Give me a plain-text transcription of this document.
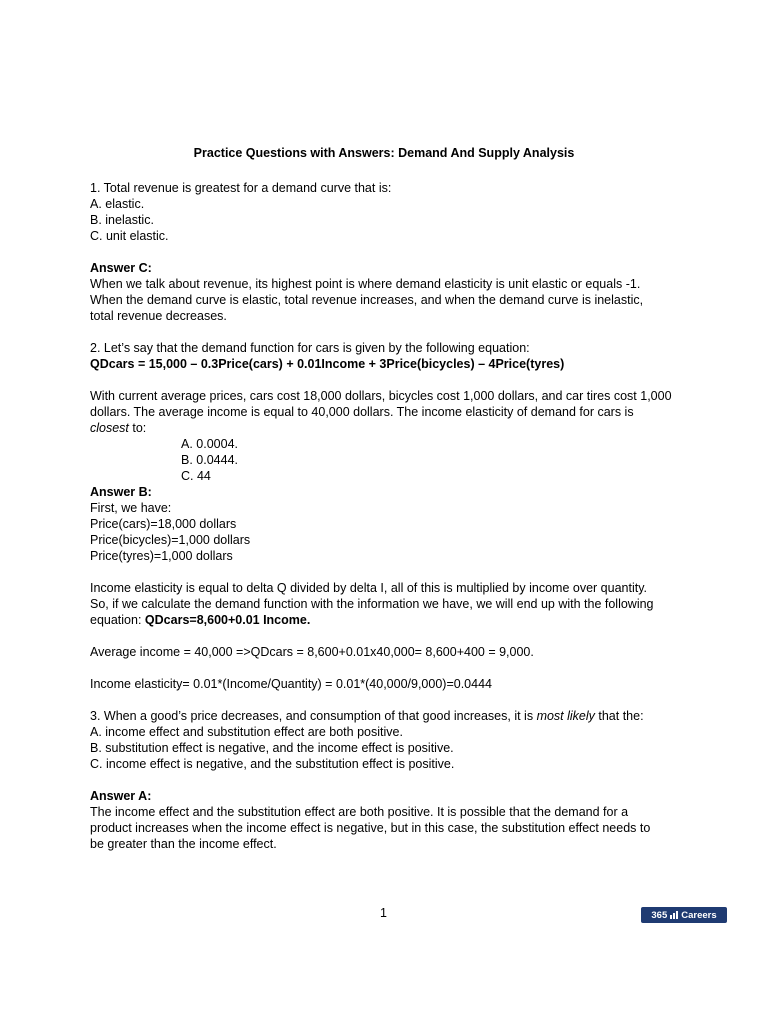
Practice Questions with Answers: Demand And Supply Analysis

1. Total revenue is greatest for a demand curve that is:

A. elastic.

B. inelastic.

C. unit elastic.

Answer C:

When we talk about revenue, its highest point is where demand elasticity is unit elastic or equals -1.

When the demand curve is elastic, total revenue increases, and when the demand curve is inelastic,

total revenue decreases.

2. Let’s say that the demand function for cars is given by the following equation:

QDcars = 15,000 – 0.3Price(cars) + 0.01Income + 3Price(bicycles) – 4Price(tyres)

With current average prices, cars cost 18,000 dollars, bicycles cost 1,000 dollars, and car tires cost 1,000

dollars. The average income is equal to 40,000 dollars. The income elasticity of demand for cars is

closest to:

A. 0.0004.

B. 0.0444.

C. 44

Answer B:

First, we have:

Price(cars)=18,000 dollars

Price(bicycles)=1,000 dollars

Price(tyres)=1,000 dollars

Income elasticity is equal to delta Q divided by delta I, all of this is multiplied by income over quantity.

So, if we calculate the demand function with the information we have, we will end up with the following

equation: QDcars=8,600+0.01 Income.

Average income = 40,000 =>QDcars = 8,600+0.01x40,000= 8,600+400 = 9,000.

Income elasticity= 0.01*(Income/Quantity) = 0.01*(40,000/9,000)=0.0444

3. When a good’s price decreases, and consumption of that good increases, it is most likely that the:

A. income effect and substitution effect are both positive.

B. substitution effect is negative, and the income effect is positive.

C. income effect is negative, and the substitution effect is positive.

Answer A:

The income effect and the substitution effect are both positive. It is possible that the demand for a

product increases when the income effect is negative, but in this case, the substitution effect needs to

be greater than the income effect.

1	365 Careers
